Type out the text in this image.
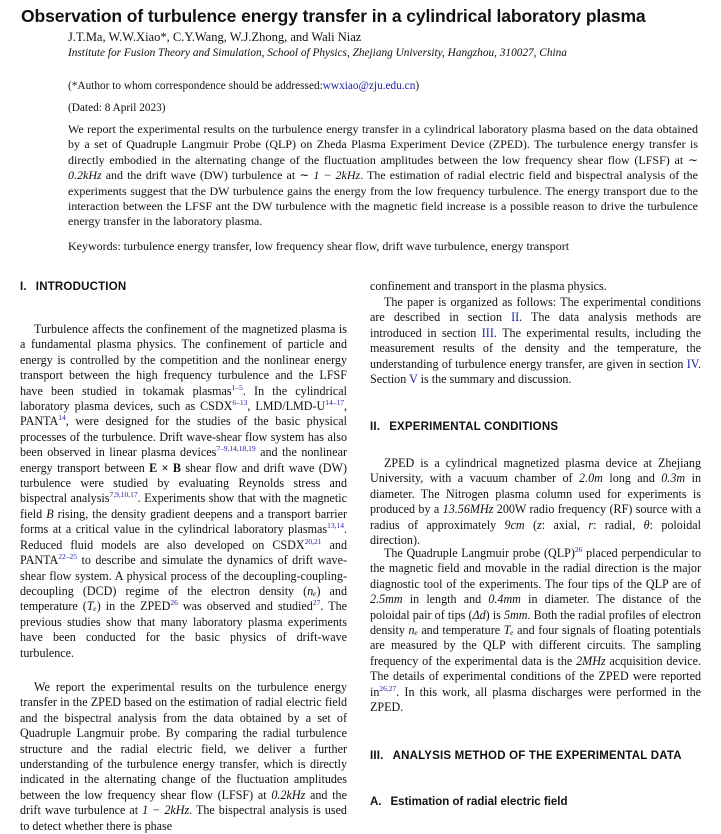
Observation of turbulence energy transfer in a cylindrical laboratory plasma
J.T.Ma, W.W.Xiao*, C.Y.Wang, W.J.Zhong, and Wali Niaz
Institute for Fusion Theory and Simulation, School of Physics, Zhejiang University, Hangzhou, 310027, China
(*Author to whom correspondence should be addressed:wwxiao@zju.edu.cn)
(Dated: 8 April 2023)
We report the experimental results on the turbulence energy transfer in a cylindrical laboratory plasma based on the data obtained by a set of Quadruple Langmuir Probe (QLP) on Zheda Plasma Experiment Device (ZPED). The turbulence energy transfer is directly embodied in the alternating change of the fluctuation amplitudes between the low frequency shear flow (LFSF) at ∼ 0.2kHz and the drift wave (DW) turbulence at ∼ 1 − 2kHz. The estimation of radial electric field and bispectral analysis of the experiments suggest that the DW turbulence gains the energy from the low frequency turbulence. The energy transport due to the interaction between the LFSF ant the DW turbulence with the magnetic field increase is a possible reason to drive the turbulence energy transfer in the laboratory plasma.
Keywords: turbulence energy transfer, low frequency shear flow, drift wave turbulence, energy transport
I. INTRODUCTION
Turbulence affects the confinement of the magnetized plasma is a fundamental plasma physics. The confinement of particle and energy is controlled by the competition and the nonlinear energy transport between the high frequency turbulence and the LFSF have been studied in tokamak plasmas$^{1-5}$. In the cylindrical laboratory plasma devices, such as CSDX$^{6-13}$, LMD/$LMD-U^{14-17}$, PANTA$^{14}$, were designed for the studies of the basic physical processes of the turbulence. Drift wave-shear flow system has also been observed in linear plasma devices$^{7-9,14,18,19}$ and the nonlinear energy transport between E × B shear flow and drift wave (DW) turbulence were studied by evaluating Reynolds stress and bispectral analysis$^{7,9,10,17}$. Experiments show that with the magnetic field B rising, the density gradient deepens and a transport barrier forms at a critical value in the cylindrical laboratory plasmas$^{13,14}$. Reduced fluid models are also developed on CSDX$^{20,21}$ and PANTA$^{22-25}$ to describe and simulate the dynamics of drift wave-shear flow system. A physical process of the decoupling-coupling-decoupling (DCD) regime of the electron density (nₑ) and temperature (Tₑ) in the ZPED$^{26}$ was observed and studied$^{27}$. The previous studies show that many laboratory plasma experiments have been conducted for the basic physics of drift-wave turbulence.
We report the experimental results on the turbulence energy transfer in the ZPED based on the estimation of radial electric field and the bispectral analysis from the data obtained by a set of Quadruple Langmuir probe. By comparing the radial turbulence structure and the radial electric field, we deliver a further understanding of the turbulence energy transfer, which is directly indicated in the alternating change of the fluctuation amplitudes between the low frequency shear flow (LFSF) at 0.2kHz and the drift wave turbulence at 1 − 2kHz. The bispectral analysis is used to detect whether there is phase
confinement and transport in the plasma physics.
The paper is organized as follows: The experimental conditions are described in section II. The data analysis methods are introduced in section III. The experimental results, including the measurement results of the density and the temperature, the understanding of turbulence energy transfer, are given in section IV. Section V is the summary and discussion.
II. EXPERIMENTAL CONDITIONS
ZPED is a cylindrical magnetized plasma device at Zhejiang University, with a vacuum chamber of 2.0m long and 0.3m in diameter. The Nitrogen plasma column used for experiments is produced by a 13.56MHz 200W radio frequency (RF) source with a radius of approximately 9cm (z: axial, r: radial, θ: poloidal direction).
The Quadruple Langmuir probe (QLP)$^{26}$ placed perpendicular to the magnetic field and movable in the radial direction is the major diagnostic tool of the experiments. The four tips of the QLP are of 2.5mm in length and 0.4mm in diameter. The distance of the poloidal pair of tips (Δd) is 5mm. Both the radial profiles of electron density nₑ and temperature Tₑ and four signals of floating potentials are measured by the QLP with different circuits. The sampling frequency of the experimental data is the 2MHz acquisition device. The details of experimental conditions of the ZPED were reported in$^{26,27}$. In this work, all plasma discharges were performed in the ZPED.
III. ANALYSIS METHOD OF THE EXPERIMENTAL DATA
A. Estimation of radial electric field
